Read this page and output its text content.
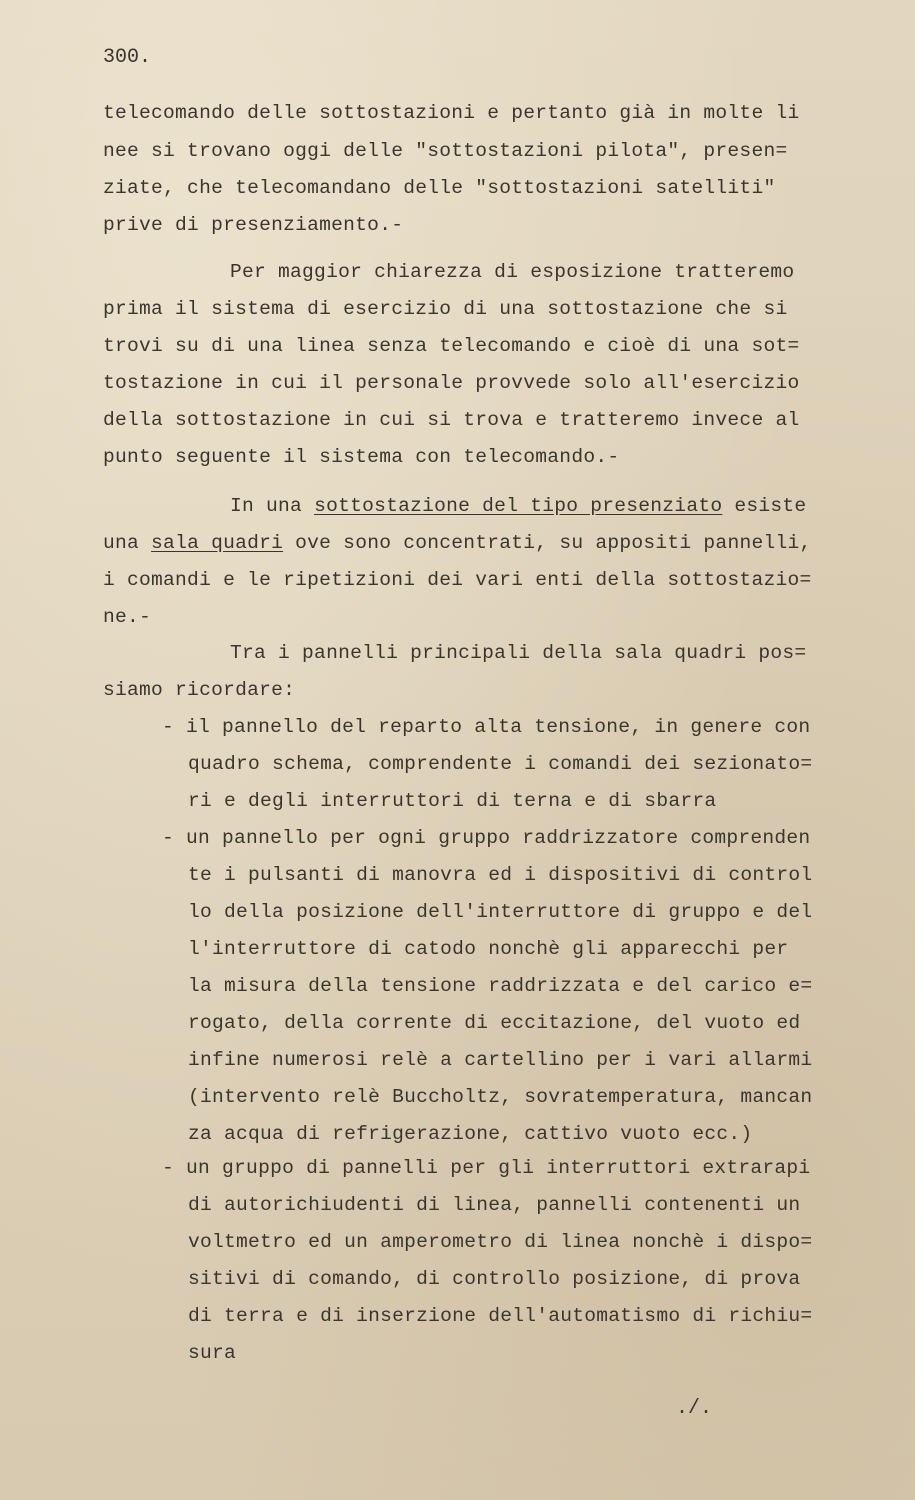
300.
telecomando delle sottostazioni e pertanto già in molte li
nee si trovano oggi delle "sottostazioni pilota", presen=
ziate, che telecomandano delle "sottostazioni satelliti"
prive di presenziamento.-
Per maggior chiarezza di esposizione tratteremo
prima il sistema di esercizio di una sottostazione che si
trovi su di una linea senza telecomando e cioè di una sot=
tostazione in cui il personale provvede solo all'esercizio
della sottostazione in cui si trova e tratteremo invece al
punto seguente il sistema con telecomando.-
In una sottostazione del tipo presenziato esiste
una sala quadri ove sono concentrati, su appositi pannelli,
i comandi e le ripetizioni dei vari enti della sottostazio=
ne.-
Tra i pannelli principali della sala quadri pos=
siamo ricordare:
- il pannello del reparto alta tensione, in genere con
quadro schema, comprendente i comandi dei sezionato=
ri e degli interruttori di terna e di sbarra
- un pannello per ogni gruppo raddrizzatore comprenden
te i pulsanti di manovra ed i dispositivi di control
lo della posizione dell'interruttore di gruppo e del
l'interruttore di catodo nonchè gli apparecchi per
la misura della tensione raddrizzata e del carico e=
rogato, della corrente di eccitazione, del vuoto ed
infine numerosi relè a cartellino per i vari allarmi
(intervento relè Buccholtz, sovratemperatura, mancan
za acqua di refrigerazione, cattivo vuoto ecc.)
- un gruppo di pannelli per gli interruttori extrarapi
di autorichiudenti di linea, pannelli contenenti un
voltmetro ed un amperometro di linea nonchè i dispo=
sitivi di comando, di controllo posizione, di prova
di terra e di inserzione dell'automatismo di richiu=
sura
./.
